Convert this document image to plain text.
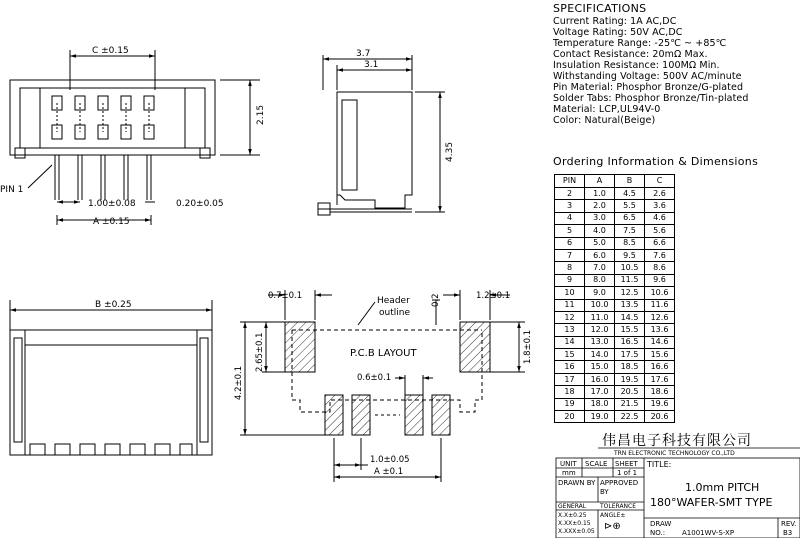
C ±0.15
2.15
PIN 1
1.00±0.08	0.20±0.05
A ±0.15
3.7
3.1
4.35
B ±0.25
P.C.B LAYOUT
Header
outline
0.7±0.1	0.2	1.2±0.1
2.65±0.1
4.2±0.1
1.8±0.1
0.6±0.1
1.0±0.05
A ±0.1
SPECIFICATIONS
Current Rating: 1A AC,DC
Voltage Rating: 50V AC,DC
Temperature Range: -25℃ ~ +85℃
Contact Resistance: 20mΩ Max.
Insulation Resistance: 100MΩ Min.
Withstanding Voltage: 500V AC/minute
Pin Material: Phosphor Bronze/G-plated
Solder Tabs: Phosphor Bronze/Tin-plated
Material: LCP,UL94V-0
Color: Natural(Beige)
Ordering Information & Dimensions
PIN	A	B	C
2	1.0	4.5	2.6
3	2.0	5.5	3.6
4	3.0	6.5	4.6
5	4.0	7.5	5.6
6	5.0	8.5	6.6
7	6.0	9.5	7.6
8	7.0	10.5	8.6
9	8.0	11.5	9.6
10	9.0	12.5	10.6
11	10.0	13.5	11.6
12	11.0	14.5	12.6
13	12.0	15.5	13.6
14	13.0	16.5	14.6
15	14.0	17.5	15.6
16	15.0	18.5	16.6
17	16.0	19.5	17.6
18	17.0	20.5	18.6
19	18.0	21.5	19.6
20	19.0	22.5	20.6
伟昌电子科技有限公司
TRN ELECTRONIC TECHNOLOGY CO.,LTD
UNIT
mm
SCALE SHEET
1 of 1
TITLE:
1.0mm PITCH
180°WAFER-SMT TYPE
DRAWN BY APPROVED
BY
GENERAL TOLERANCE
X.X±0.25
X.XX±0.15
X.XXX±0.05
ANGLE±
⊳⊕	DRAW
NO.: A1001WV-S-XP
REV.
B3
